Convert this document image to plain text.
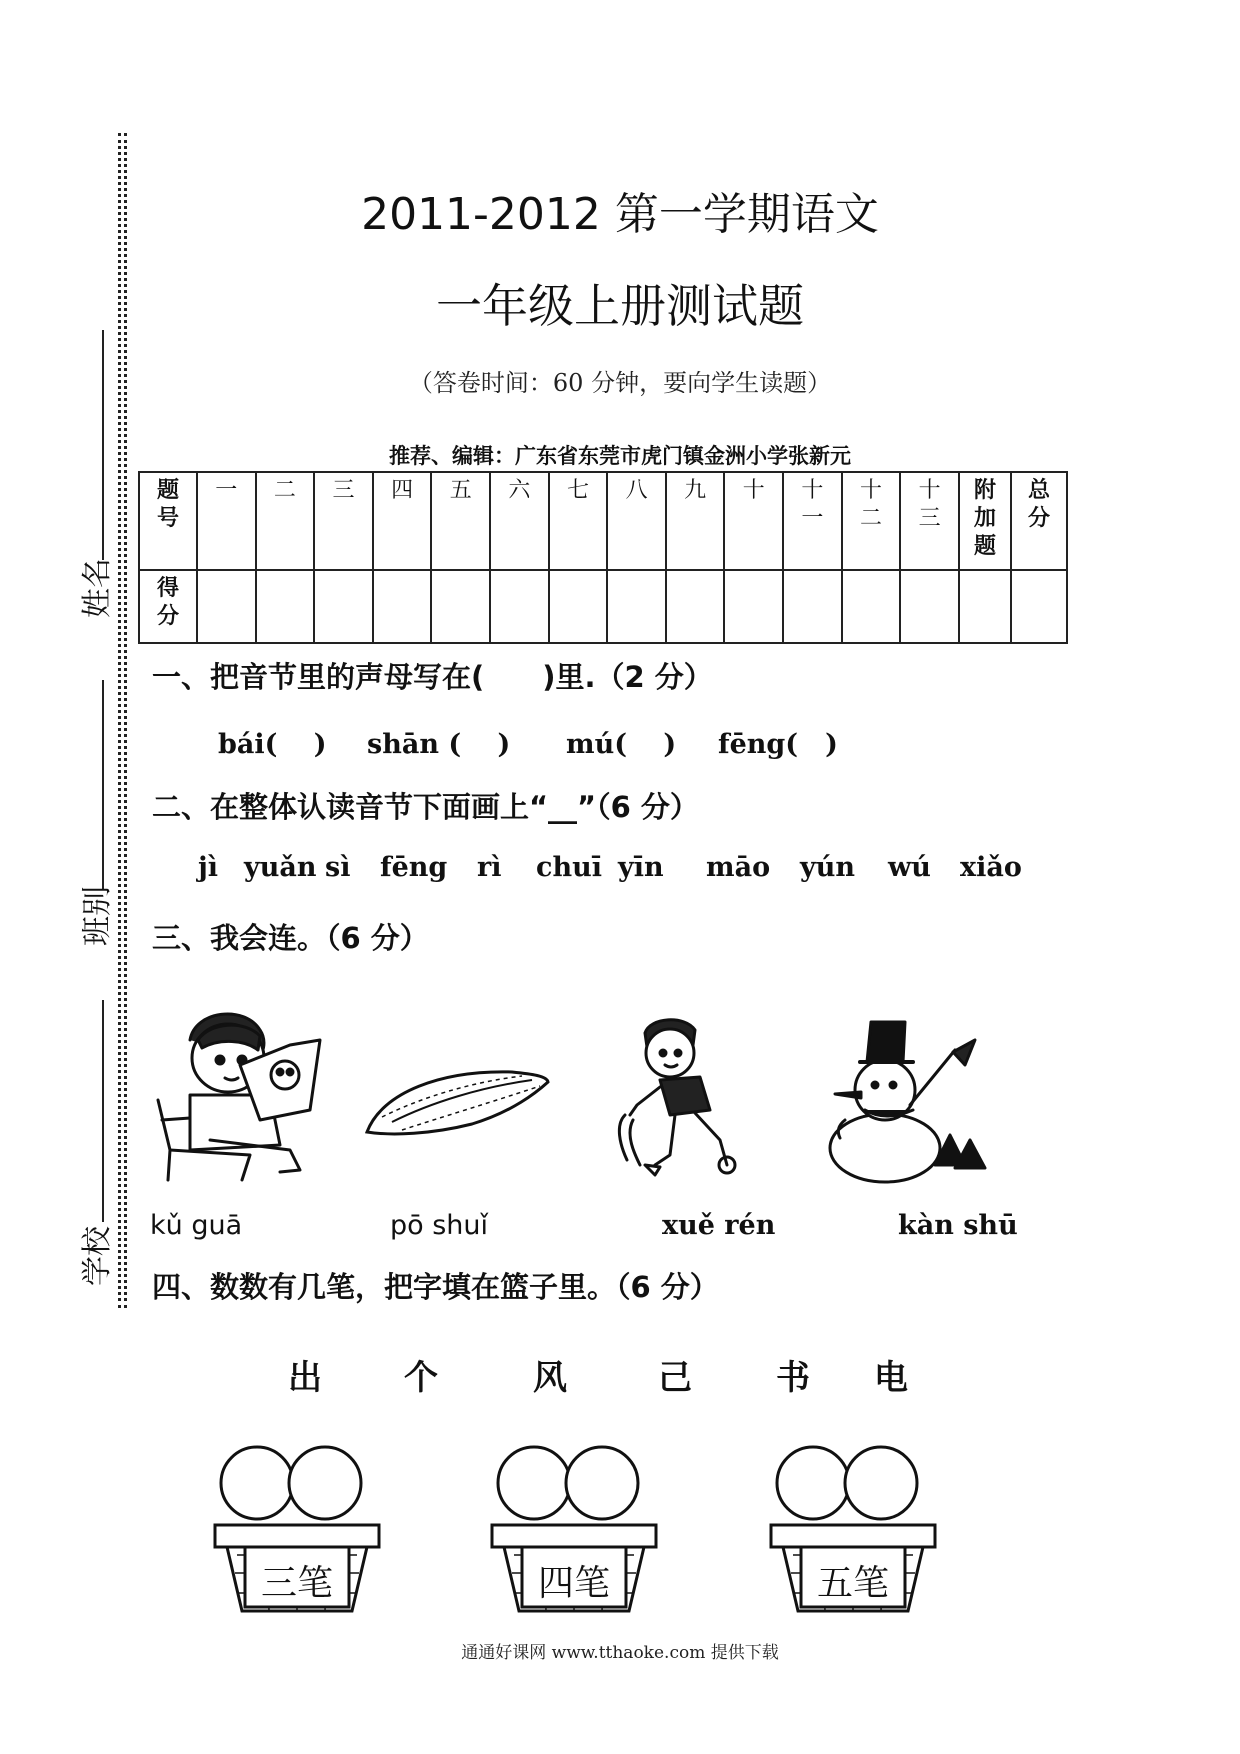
姓名
班别
学校
2011-2012 第一学期语文
一年级上册测试题
（答卷时间：60 分钟，要向学生读题）
推荐、编辑：广东省东莞市虎门镇金洲小学张新元
题号	一	二	三	四	五	六	七	八	九	十	十一	十二	十三	附加题	总分
得分															
一、把音节里的声母写在(　　)里.（2 分）
bái(　 ) shān (　 ) mú(　 ) fēng(　)
二、在整体认读音节下面画上“__”（6 分）
jì yuǎn sì fēng rì chuī yīn māo yún wú xiǎo
三、我会连。（6 分）
kǔ guā	pō shuǐ	xuě rén	kàn shū
四、数数有几笔，把字填在篮子里。（6 分）
出 个	风	己 书 电
三笔	四笔	五笔
通通好课网 www.tthaoke.com 提供下载
